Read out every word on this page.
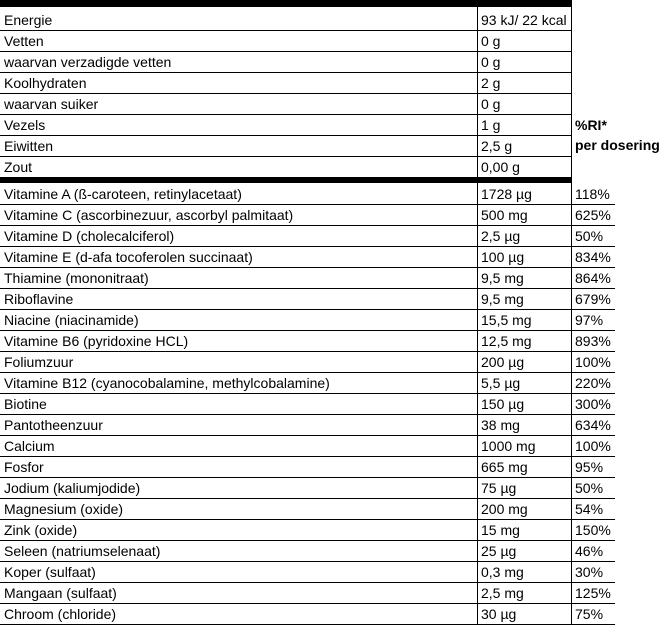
Energie	93 kJ/ 22 kcal
Vetten	0 g
waarvan verzadigde vetten	0 g
Koolhydraten	2 g
waarvan suiker	0 g
Vezels	1 g
Eiwitten	2,5 g
Zout	0,00 g
%RI*
per dosering
Vitamine A (ß-caroteen, retinylacetaat)	1728 µg	118%
Vitamine C (ascorbinezuur, ascorbyl palmitaat)	500 mg	625%
Vitamine D (cholecalciferol)	2,5 µg	50%
Vitamine E (d-afa tocoferolen succinaat)	100 µg	834%
Thiamine (mononitraat)	9,5 mg	864%
Riboflavine	9,5 mg	679%
Niacine (niacinamide)	15,5 mg	97%
Vitamine B6 (pyridoxine HCL)	12,5 mg	893%
Foliumzuur	200 µg	100%
Vitamine B12 (cyanocobalamine, methylcobalamine)	5,5 µg	220%
Biotine	150 µg	300%
Pantotheenzuur	38 mg	634%
Calcium	1000 mg	100%
Fosfor	665 mg	95%
Jodium (kaliumjodide)	75 µg	50%
Magnesium (oxide)	200 mg	54%
Zink (oxide)	15 mg	150%
Seleen (natriumselenaat)	25 µg	46%
Koper (sulfaat)	0,3 mg	30%
Mangaan (sulfaat)	2,5 mg	125%
Chroom (chloride)	30 µg	75%
